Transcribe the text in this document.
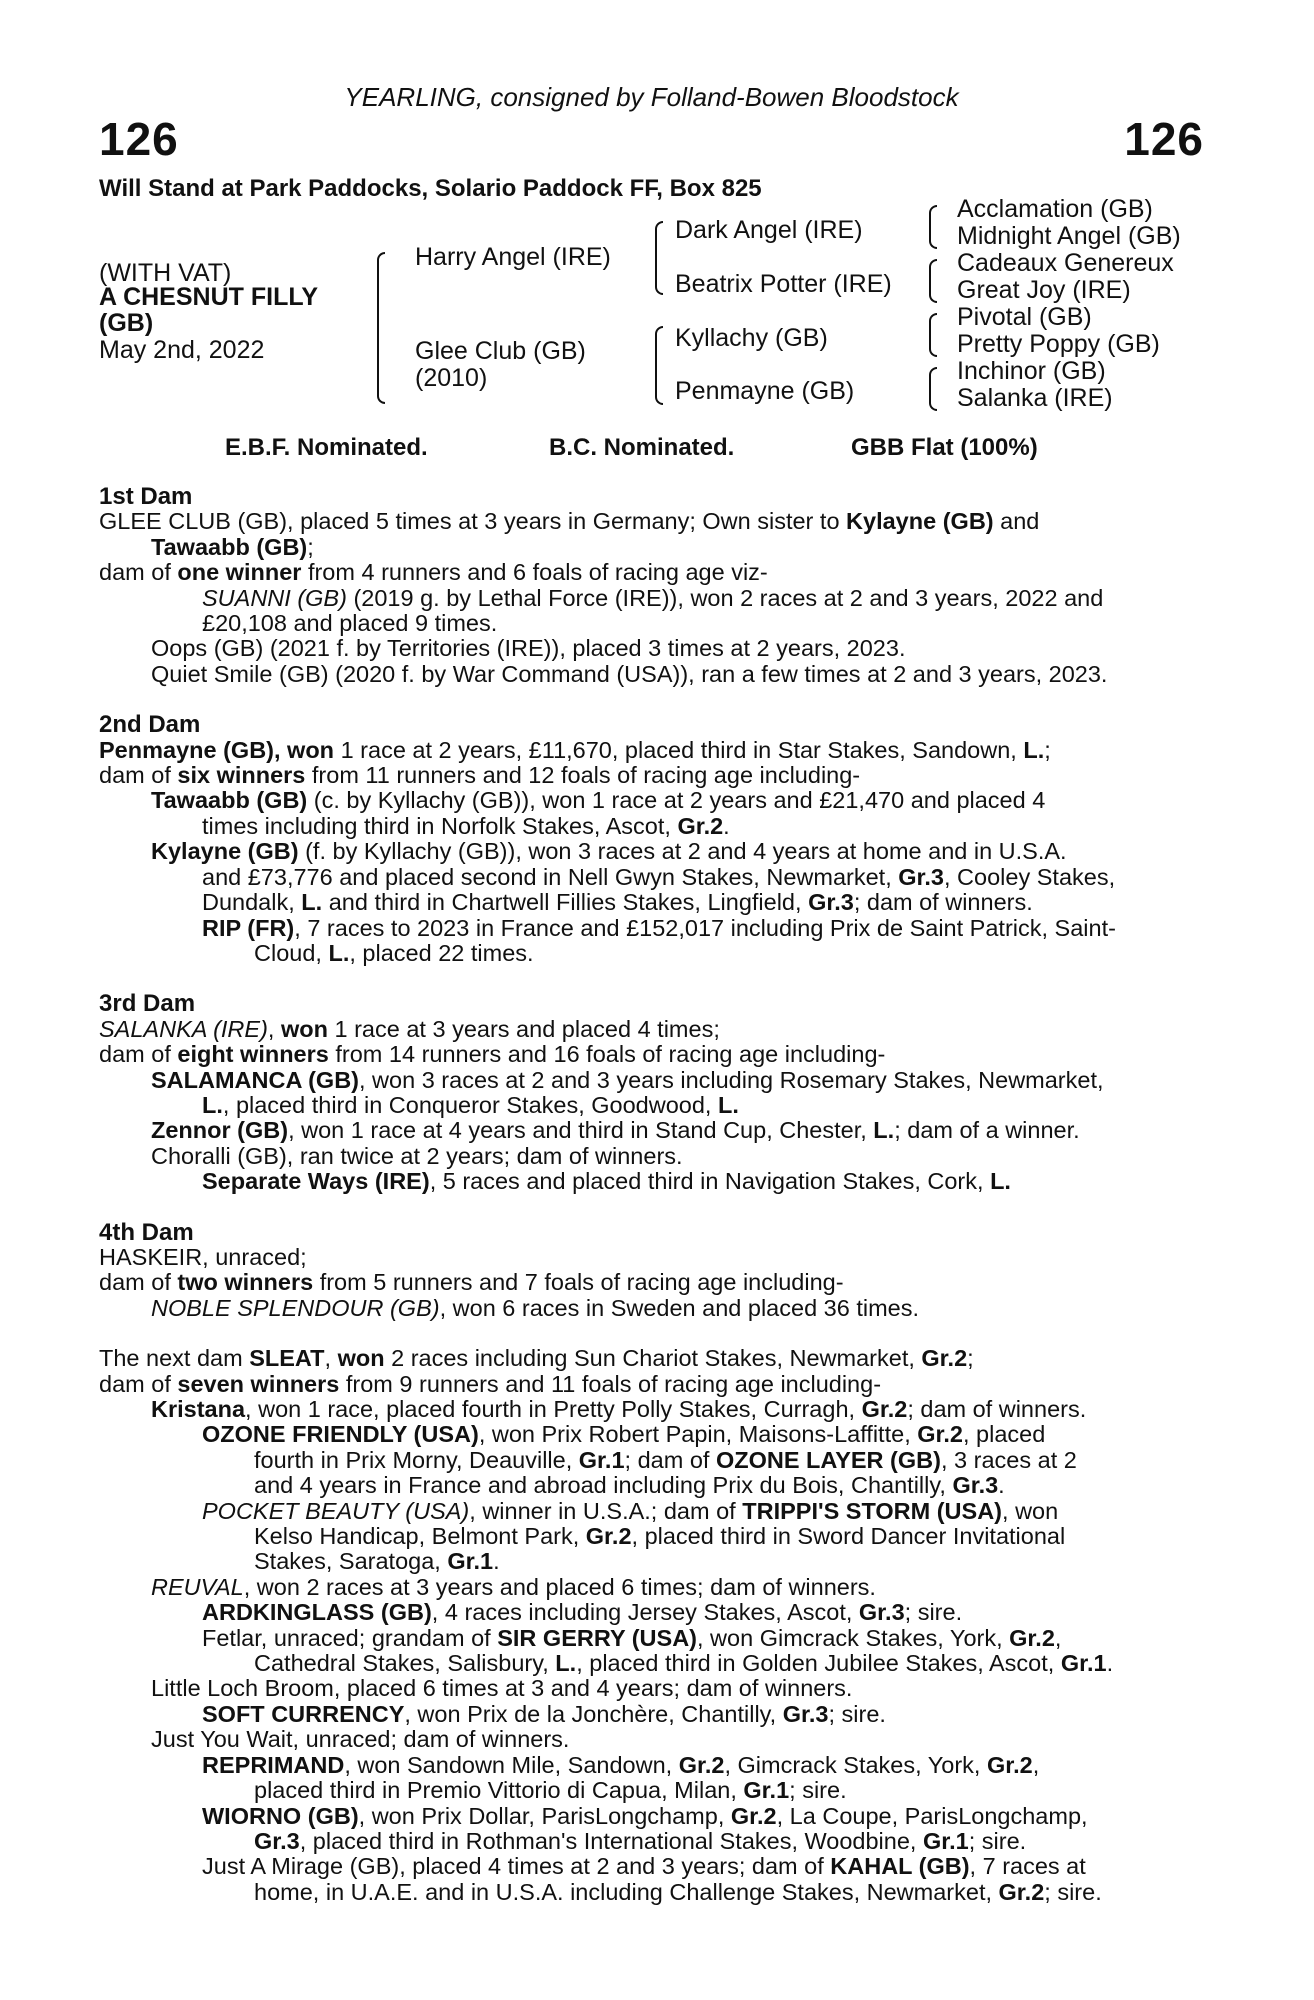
YEARLING, consigned by Folland-Bowen Bloodstock
126	126
Will Stand at Park Paddocks, Solario Paddock FF, Box 825
(WITH VAT)
A CHESNUT FILLY
(GB)
May 2nd, 2022
Harry Angel (IRE)
Glee Club (GB)
(2010)
Dark Angel (IRE)
Beatrix Potter (IRE)
Kyllachy (GB)
Penmayne (GB)
Acclamation (GB)
Midnight Angel (GB)
Cadeaux Genereux
Great Joy (IRE)
Pivotal (GB)
Pretty Poppy (GB)
Inchinor (GB)
Salanka (IRE)
E.B.F. Nominated.	B.C. Nominated.	GBB Flat (100%)
1st Dam
GLEE CLUB (GB), placed 5 times at 3 years in Germany; Own sister to Kylayne (GB) and
Tawaabb (GB);
dam of one winner from 4 runners and 6 foals of racing age viz-
SUANNI (GB) (2019 g. by Lethal Force (IRE)), won 2 races at 2 and 3 years, 2022 and
£20,108 and placed 9 times.
Oops (GB) (2021 f. by Territories (IRE)), placed 3 times at 2 years, 2023.
Quiet Smile (GB) (2020 f. by War Command (USA)), ran a few times at 2 and 3 years, 2023.
2nd Dam
Penmayne (GB), won 1 race at 2 years, £11,670, placed third in Star Stakes, Sandown, L.;
dam of six winners from 11 runners and 12 foals of racing age including-
Tawaabb (GB) (c. by Kyllachy (GB)), won 1 race at 2 years and £21,470 and placed 4
times including third in Norfolk Stakes, Ascot, Gr.2.
Kylayne (GB) (f. by Kyllachy (GB)), won 3 races at 2 and 4 years at home and in U.S.A.
and £73,776 and placed second in Nell Gwyn Stakes, Newmarket, Gr.3, Cooley Stakes,
Dundalk, L. and third in Chartwell Fillies Stakes, Lingfield, Gr.3; dam of winners.
RIP (FR), 7 races to 2023 in France and £152,017 including Prix de Saint Patrick, Saint-
Cloud, L., placed 22 times.
3rd Dam
SALANKA (IRE), won 1 race at 3 years and placed 4 times;
dam of eight winners from 14 runners and 16 foals of racing age including-
SALAMANCA (GB), won 3 races at 2 and 3 years including Rosemary Stakes, Newmarket,
L., placed third in Conqueror Stakes, Goodwood, L.
Zennor (GB), won 1 race at 4 years and third in Stand Cup, Chester, L.; dam of a winner.
Choralli (GB), ran twice at 2 years; dam of winners.
Separate Ways (IRE), 5 races and placed third in Navigation Stakes, Cork, L.
4th Dam
HASKEIR, unraced;
dam of two winners from 5 runners and 7 foals of racing age including-
NOBLE SPLENDOUR (GB), won 6 races in Sweden and placed 36 times.
The next dam SLEAT, won 2 races including Sun Chariot Stakes, Newmarket, Gr.2;
dam of seven winners from 9 runners and 11 foals of racing age including-
Kristana, won 1 race, placed fourth in Pretty Polly Stakes, Curragh, Gr.2; dam of winners.
OZONE FRIENDLY (USA), won Prix Robert Papin, Maisons-Laffitte, Gr.2, placed
fourth in Prix Morny, Deauville, Gr.1; dam of OZONE LAYER (GB), 3 races at 2
and 4 years in France and abroad including Prix du Bois, Chantilly, Gr.3.
POCKET BEAUTY (USA), winner in U.S.A.; dam of TRIPPI'S STORM (USA), won
Kelso Handicap, Belmont Park, Gr.2, placed third in Sword Dancer Invitational
Stakes, Saratoga, Gr.1.
REUVAL, won 2 races at 3 years and placed 6 times; dam of winners.
ARDKINGLASS (GB), 4 races including Jersey Stakes, Ascot, Gr.3; sire.
Fetlar, unraced; grandam of SIR GERRY (USA), won Gimcrack Stakes, York, Gr.2,
Cathedral Stakes, Salisbury, L., placed third in Golden Jubilee Stakes, Ascot, Gr.1.
Little Loch Broom, placed 6 times at 3 and 4 years; dam of winners.
SOFT CURRENCY, won Prix de la Jonchère, Chantilly, Gr.3; sire.
Just You Wait, unraced; dam of winners.
REPRIMAND, won Sandown Mile, Sandown, Gr.2, Gimcrack Stakes, York, Gr.2,
placed third in Premio Vittorio di Capua, Milan, Gr.1; sire.
WIORNO (GB), won Prix Dollar, ParisLongchamp, Gr.2, La Coupe, ParisLongchamp,
Gr.3, placed third in Rothman's International Stakes, Woodbine, Gr.1; sire.
Just A Mirage (GB), placed 4 times at 2 and 3 years; dam of KAHAL (GB), 7 races at
home, in U.A.E. and in U.S.A. including Challenge Stakes, Newmarket, Gr.2; sire.
